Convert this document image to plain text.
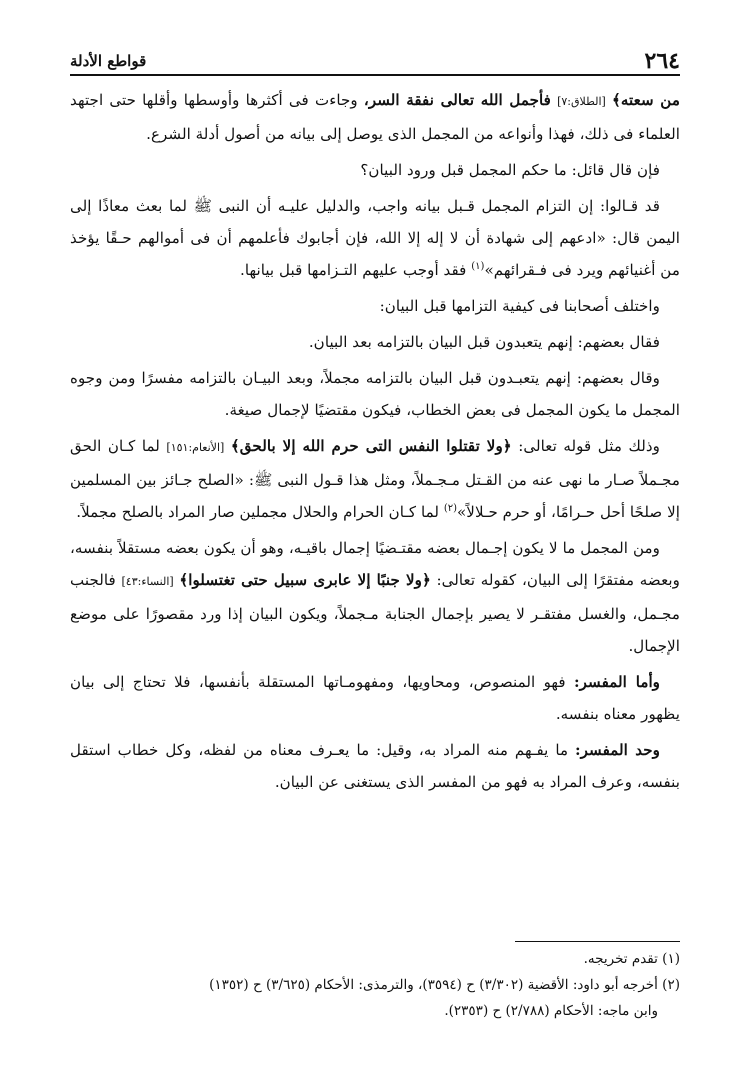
٢٦٤
قواطع الأدلة

من سعته﴾ [الطلاق:٧] فأجمل الله تعالى نفقة السر، وجاءت فى أكثرها وأوسطها وأقلها حتى اجتهد العلماء فى ذلك، فهذا وأنواعه من المجمل الذى يوصل إلى بيانه من أصول أدلة الشرع.

فإن قال قائل: ما حكم المجمل قبل ورود البيان؟

قد قـالوا: إن التزام المجمل قـبل بيانه واجب، والدليل عليـه أن النبى ﷺ لما بعث معاذًا إلى اليمن قال: «ادعهم إلى شهادة أن لا إله إلا الله، فإن أجابوك فأعلمهم أن فى أموالهم حـقًا يؤخذ من أغنيائهم ويرد فى فـقرائهم»$^{(١)}$ فقد أوجب عليهم التـزامها قبل بيانها.

واختلف أصحابنا فى كيفية التزامها قبل البيان:

فقال بعضهم: إنهم يتعبدون قبل البيان بالتزامه بعد البيان.

وقال بعضهم: إنهم يتعبـدون قبل البيان بالتزامه مجملاً، وبعد البيـان بالتزامه مفسرًا ومن وجوه المجمل ما يكون المجمل فى بعض الخطاب، فيكون مقتضيًا لإجمال صيغة.

وذلك مثل قوله تعالى: ﴿ولا تقتلوا النفس التى حرم الله إلا بالحق﴾ [الأنعام:١٥١] لما كـان الحق مجـملاً صـار ما نهى عنه من القـتل مـجـملاً، ومثل هذا قـول النبى ﷺ: «الصلح جـائز بين المسلمين إلا صلحًا أحل حـرامًا، أو حرم حـلالاً»$^{(٢)}$ لما كـان الحرام والحلال مجملين صار المراد بالصلح مجملاً.

ومن المجمل ما لا يكون إجـمال بعضه مقتـضيًا إجمال باقيـه، وهو أن يكون بعضه مستقلاً بنفسه، وبعضه مفتقرًا إلى البيان، كقوله تعالى: ﴿ولا جنبًا إلا عابرى سبيل حتى تغتسلوا﴾ [النساء:٤٣] فالجنب مجـمل، والغسل مفتقـر لا يصير بإجمال الجنابة مـجملاً، ويكون البيان إذا ورد مقصورًا على موضع الإجمال.

وأما المفسر: فهو المنصوص، ومحاويها، ومفهومـاتها المستقلة بأنفسها، فلا تحتاج إلى بيان يظهور معناه بنفسه.

وحد المفسر: ما يفـهم منه المراد به، وقيل: ما يعـرف معناه من لفظه، وكل خطاب استقل بنفسه، وعرف المراد به فهو من المفسر الذى يستغنى عن البيان.

(١) تقدم تخريجه.

(٢) أخرجه أبو داود: الأقضية (٣/٣٠٢) ح (٣٥٩٤)، والترمذى: الأحكام (٣/٦٢٥) ح (١٣٥٢)

وابن ماجه: الأحكام (٢/٧٨٨) ح (٢٣٥٣).
